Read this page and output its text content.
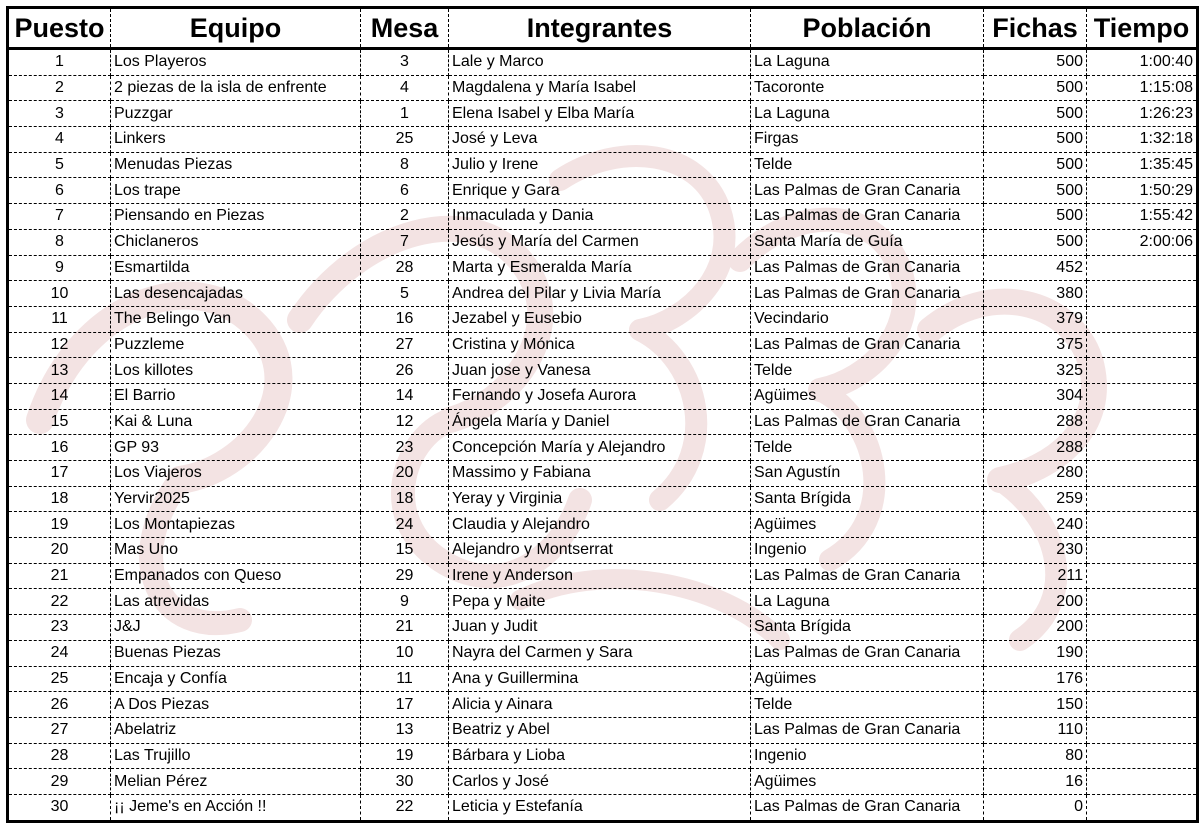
Puesto	Equipo	Mesa	Integrantes	Población	Fichas	Tiempo
1	Los Playeros	3	Lale y Marco	La Laguna	500	1:00:40
2	2 piezas de la isla de enfrente	4	Magdalena y María Isabel	Tacoronte	500	1:15:08
3	Puzzgar	1	Elena Isabel y Elba María	La Laguna	500	1:26:23
4	Linkers	25	José y Leva	Firgas	500	1:32:18
5	Menudas Piezas	8	Julio y Irene	Telde	500	1:35:45
6	Los trape	6	Enrique y Gara	Las Palmas de Gran Canaria	500	1:50:29
7	Piensando en Piezas	2	Inmaculada y Dania	Las Palmas de Gran Canaria	500	1:55:42
8	Chiclaneros	7	Jesús y María del Carmen	Santa María de Guía	500	2:00:06
9	Esmartilda	28	Marta y Esmeralda María	Las Palmas de Gran Canaria	452	
10	Las desencajadas	5	Andrea del Pilar y Livia María	Las Palmas de Gran Canaria	380	
11	The Belingo Van	16	Jezabel y Eusebio	Vecindario	379	
12	Puzzleme	27	Cristina y Mónica	Las Palmas de Gran Canaria	375	
13	Los killotes	26	Juan jose y Vanesa	Telde	325	
14	El Barrio	14	Fernando y Josefa Aurora	Agüimes	304	
15	Kai & Luna	12	Ángela María y Daniel	Las Palmas de Gran Canaria	288	
16	GP 93	23	Concepción María y Alejandro	Telde	288	
17	Los Viajeros	20	Massimo y Fabiana	San Agustín	280	
18	Yervir2025	18	Yeray y Virginia	Santa Brígida	259	
19	Los Montapiezas	24	Claudia y Alejandro	Agüimes	240	
20	Mas Uno	15	Alejandro y Montserrat	Ingenio	230	
21	Empanados con Queso	29	Irene y Anderson	Las Palmas de Gran Canaria	211	
22	Las atrevidas	9	Pepa y Maite	La Laguna	200	
23	J&J	21	Juan y Judit	Santa Brígida	200	
24	Buenas Piezas	10	Nayra del Carmen y Sara	Las Palmas de Gran Canaria	190	
25	Encaja y Confía	11	Ana y Guillermina	Agüimes	176	
26	A Dos Piezas	17	Alicia y Ainara	Telde	150	
27	Abelatriz	13	Beatriz y Abel	Las Palmas de Gran Canaria	110	
28	Las Trujillo	19	Bárbara y Lioba	Ingenio	80	
29	Melian Pérez	30	Carlos y José	Agüimes	16	
30	¡¡ Jeme's en Acción !!	22	Leticia y Estefanía	Las Palmas de Gran Canaria	0	
